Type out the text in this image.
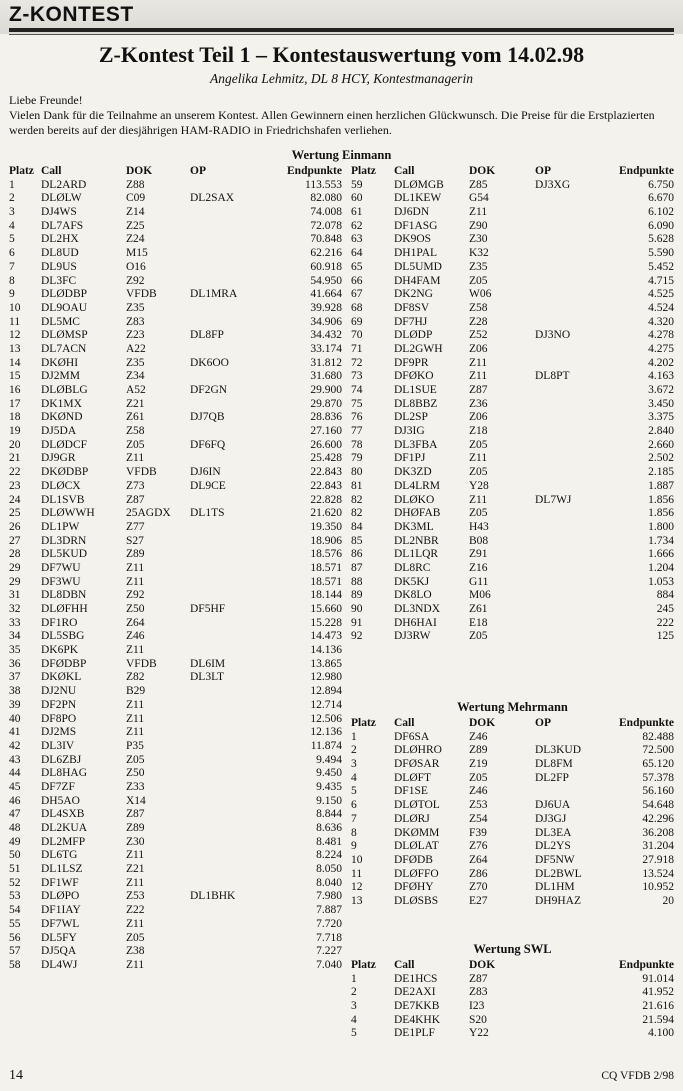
Z-KONTEST
Z-Kontest Teil 1 – Kontestauswertung vom 14.02.98
Angelika Lehmitz, DL 8 HCY, Kontestmanagerin

Liebe Freunde!

Vielen Dank für die Teilnahme an unserem Kontest. Allen Gewinnern einen herzlichen Glückwunsch. Die Preise für die Erstplazierten werden bereits auf der diesjährigen HAM-RADIO in Friedrichshafen verliehen.

Wertung Einmann
Platz Call	DOK	OP	Endpunkte
1 DL2ARD	Z88	113.553
2 DLØLW	C09	DL2SAX	82.080
3 DJ4WS	Z14	74.008
4 DL7AFS	Z25	72.078
5 DL2HX	Z24	70.848
6 DL8UD	M15	62.216
7 DL9US	O16	60.918
8 DL3FC	Z92	54.950
9 DLØDBP	VFDB	DL1MRA	41.664
10 DL9OAU	Z35	39.928
11 DL5MC	Z83	34.906
12 DLØMSP	Z23	DL8FP	34.432
13 DL7ACN	A22	33.174
14 DKØHI	Z35	DK6OO	31.812
15 DJ2MM	Z34	31.680
16 DLØBLG	A52	DF2GN	29.900
17 DK1MX	Z21	29.870
18 DKØND	Z61	DJ7QB	28.836
19 DJ5DA	Z58	27.160
20 DLØDCF	Z05	DF6FQ	26.600
21 DJ9GR	Z11	25.428
22 DKØDBP	VFDB	DJ6IN	22.843
23 DLØCX	Z73	DL9CE	22.843
24 DL1SVB	Z87	22.828
25 DLØWWH	25AGDX DL1TS	21.620
26 DL1PW	Z77	19.350
27 DL3DRN	S27	18.906
28 DL5KUD	Z89	18.576
29 DF7WU	Z11	18.571
29 DF3WU	Z11	18.571
31 DL8DBN	Z92	18.144
32 DLØFHH	Z50	DF5HF	15.660
33 DF1RO	Z64	15.228
34 DL5SBG	Z46	14.473
35 DK6PK	Z11	14.136
36 DFØDBP	VFDB	DL6IM	13.865
37 DKØKL	Z82	DL3LT	12.980
38 DJ2NU	B29	12.894
39 DF2PN	Z11	12.714
40 DF8PO	Z11	12.506
41 DJ2MS	Z11	12.136
42 DL3IV	P35	11.874
43 DL6ZBJ	Z05	9.494
44 DL8HAG	Z50	9.450
45 DF7ZF	Z33	9.435
46 DH5AO	X14	9.150
47 DL4SXB	Z87	8.844
48 DL2KUA	Z89	8.636
49 DL2MFP	Z30	8.481
50 DL6TG	Z11	8.224
51 DL1LSZ	Z21	8.050
52 DF1WF	Z11	8.040
53 DLØPO	Z53	DL1BHK	7.980
54 DF1IAY	Z22	7.887
55 DF7WL	Z11	7.720
56 DL5FY	Z05	7.718
57 DJ5QA	Z38	7.227
58 DL4WJ	Z11	7.040
Platz Call	DOK	OP	Endpunkte
59	DLØMGB Z85	DJ3XG	6.750
60	DL1KEW G54	6.670
61	DJ6DN	Z11	6.102
62	DF1ASG	Z90	6.090
63	DK9OS	Z30	5.628
64	DH1PAL	K32	5.590
65	DL5UMD Z35	5.452
66	DH4FAM Z05	4.715
67	DK2NG	W06	4.525
68	DF8SV	Z58	4.524
69	DF7HJ	Z28	4.320
70	DLØDP	Z52	DJ3NO	4.278
71	DL2GWH Z06	4.275
72	DF9PR	Z11	4.202
73	DFØKO	Z11	DL8PT	4.163
74	DL1SUE	Z87	3.672
75	DL8BBZ	Z36	3.450
76	DL2SP	Z06	3.375
77	DJ3IG	Z18	2.840
78	DL3FBA	Z05	2.660
79	DF1PJ	Z11	2.502
80	DK3ZD	Z05	2.185
81	DL4LRM	Y28	1.887
82	DLØKO	Z11	DL7WJ	1.856
82	DHØFAB Z05	1.856
84	DK3ML	H43	1.800
85	DL2NBR	B08	1.734
86	DL1LQR	Z91	1.666
87	DL8RC	Z16	1.204
88	DK5KJ	G11	1.053
89	DK8LO	M06	884
90	DL3NDX	Z61	245
91	DH6HAI	E18	222
92	DJ3RW	Z05	125
Wertung Mehrmann
Platz Call	DOK	OP	Endpunkte
1	DF6SA	Z46	82.488
2	DLØHRO Z89	DL3KUD	72.500
3	DFØSAR	Z19	DL8FM	65.120
4	DLØFT	Z05	DL2FP	57.378
5	DF1SE	Z46	56.160
6	DLØTOL	Z53	DJ6UA	54.648
7	DLØRJ	Z54	DJ3GJ	42.296
8	DKØMM	F39	DL3EA	36.208
9	DLØLAT	Z76	DL2YS	31.204
10	DFØDB	Z64	DF5NW	27.918
11	DLØFFO	Z86	DL2BWL	13.524
12	DFØHY	Z70	DL1HM	10.952
13	DLØSBS	E27	DH9HAZ	20
Wertung SWL
Platz Call	DOK	Endpunkte
1	DE1HCS	Z87	91.014
2	DE2AXI	Z83	41.952
3	DE7KKB	I23	21.616
4	DE4KHK	S20	21.594
5	DE1PLF	Y22	4.100
14	CQ VFDB 2/98
